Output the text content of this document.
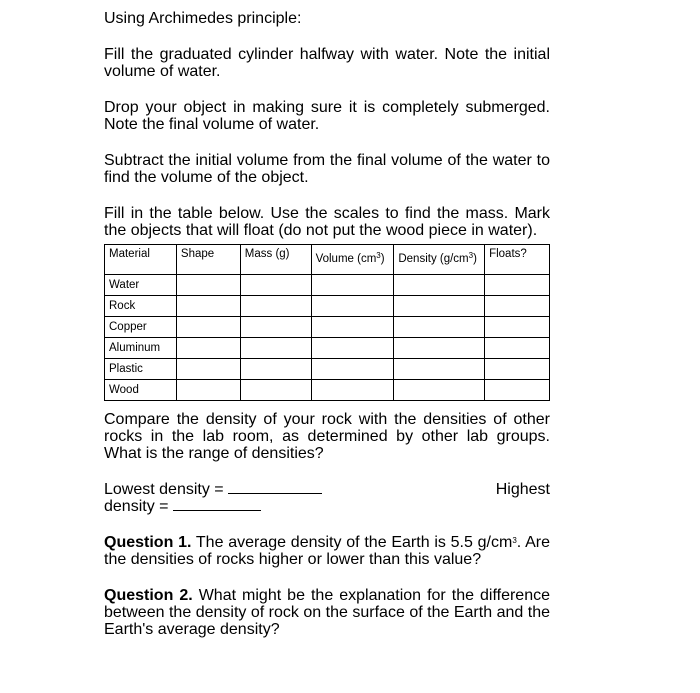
Using Archimedes principle:

Fill the graduated cylinder halfway with water. Note the initial volume of water.

Drop your object in making sure it is completely submerged. Note the final volume of water.

Subtract the initial volume from the final volume of the water to find the volume of the object.

Fill in the table below. Use the scales to find the mass. Mark the objects that will float (do not put the wood piece in water).

Material	Shape	Mass (g)	Volume $(cm^3)$	Density $(g/cm^3)$	Floats?
Water					
Rock					
Copper					
Aluminum					
Plastic					
Wood					

Compare the density of your rock with the densities of other rocks in the lab room, as determined by other lab groups. What is the range of densities?

Lowest density =	Highest
density =

Question 1. The average density of the Earth is 5.5 $g/cm^3$. Are the densities of rocks higher or lower than this value?

Question 2. What might be the explanation for the difference between the density of rock on the surface of the Earth and the Earth's average density?
